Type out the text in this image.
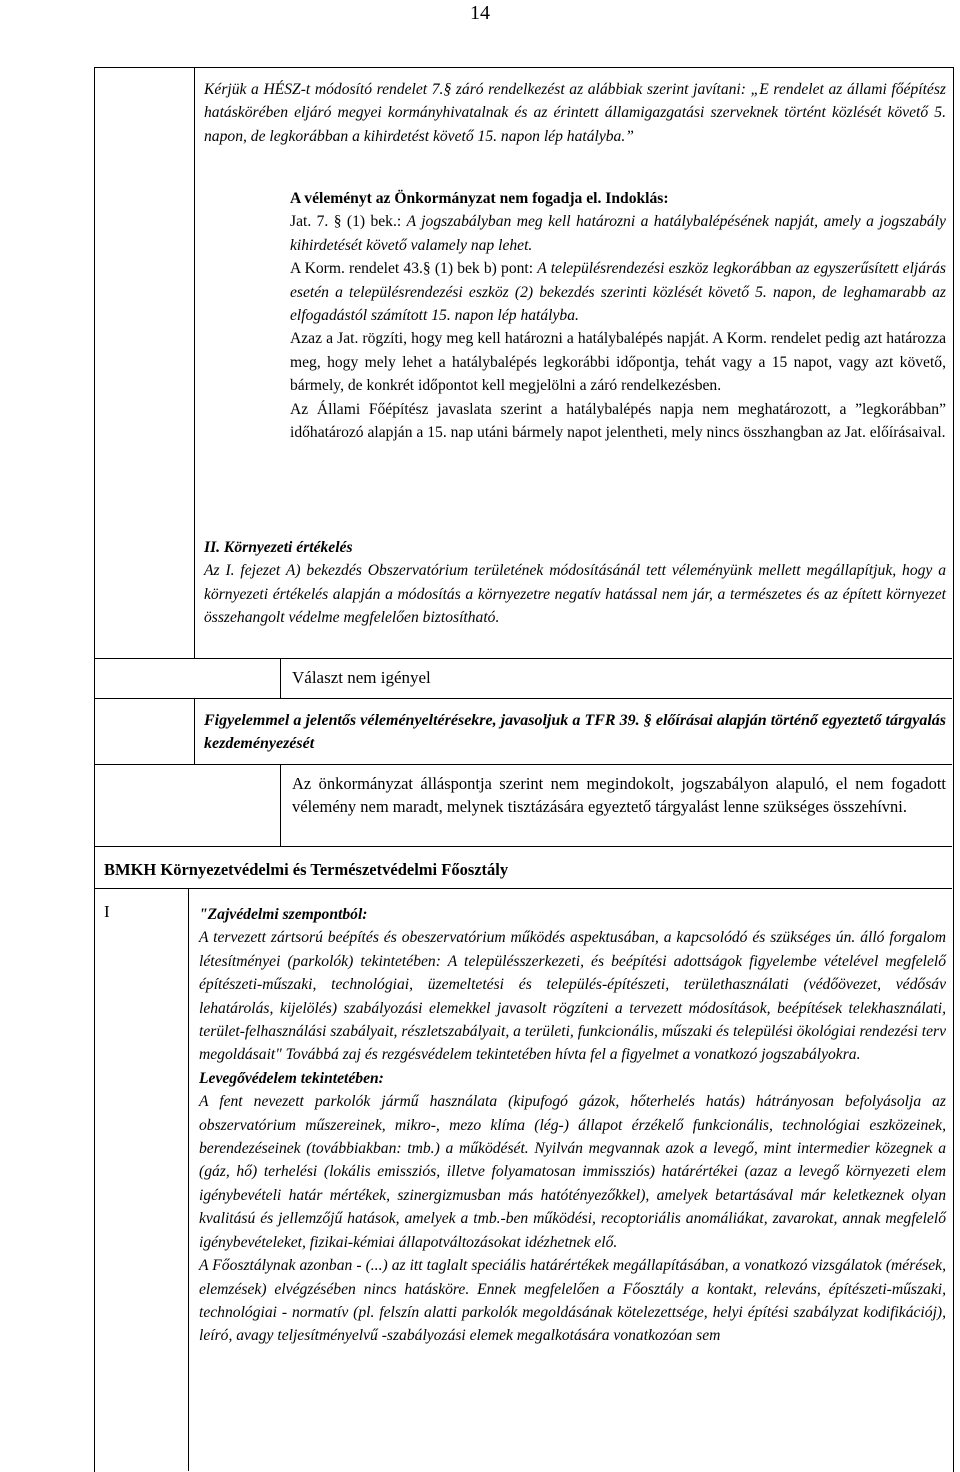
14

Kérjük a HÉSZ-t módosító rendelet 7.§ záró rendelkezést az alábbiak szerint javítani: „E rendelet az állami főépítész hatáskörében eljáró megyei kormányhivatalnak és az érintett államigazgatási szerveknek történt közlését követő 5. napon, de legkorábban a kihirdetést követő 15. napon lép hatályba.”

A véleményt az Önkormányzat nem fogadja el. Indoklás:

Jat. 7. § (1) bek.: A jogszabályban meg kell határozni a hatálybalépésének napját, amely a jogszabály kihirdetését követő valamely nap lehet.

A Korm. rendelet 43.§ (1) bek b) pont: A településrendezési eszköz legkorábban az egyszerűsített eljárás esetén a településrendezési eszköz (2) bekezdés szerinti közlését követő 5. napon, de leghamarabb az elfogadástól számított 15. napon lép hatályba.

Azaz a Jat. rögzíti, hogy meg kell határozni a hatálybalépés napját. A Korm. rendelet pedig azt határozza meg, hogy mely lehet a hatálybalépés legkorábbi időpontja, tehát vagy a 15 napot, vagy azt követő, bármely, de konkrét időpontot kell megjelölni a záró rendelkezésben.

Az Állami Főépítész javaslata szerint a hatálybalépés napja nem meghatározott, a ”legkorábban” időhatározó alapján a 15. nap utáni bármely napot jelentheti, mely nincs összhangban az Jat. előírásaival.

II. Környezeti értékelés

Az I. fejezet A) bekezdés Obszervatórium területének módosításánál tett véleményünk mellett megállapítjuk, hogy a környezeti értékelés alapján a módosítás a környezetre negatív hatással nem jár, a természetes és az épített környezet összehangolt védelme megfelelően biztosítható.

Választ nem igényel
Figyelemmel a jelentős véleményeltérésekre, javasoljuk a TFR 39. § előírásai alapján történő egyeztető tárgyalás kezdeményezését
Az önkormányzat álláspontja szerint nem megindokolt, jogszabályon alapuló, el nem fogadott vélemény nem maradt, melynek tisztázására egyeztető tárgyalást lenne szükséges összehívni.
BMKH Környezetvédelmi és Természetvédelmi Főosztály
I	"Zajvédelmi szempontból:

A tervezett zártsorú beépítés és obeszervatórium működés aspektusában, a kapcsolódó és szükséges ún. álló forgalom létesítményei (parkolók) tekintetében: A településszerkezeti, és beépítési adottságok figyelembe vételével megfelelő építészeti-műszaki, technológiai, üzemeltetési és település-építészeti, területhasználati (védőövezet, védősáv lehatárolás, kijelölés) szabályozási elemekkel javasolt rögzíteni a tervezett módosítások, beépítések telekhasználati, terület-felhasználási szabályait, részletszabályait, a területi, funkcionális, műszaki és települési ökológiai rendezési terv megoldásait" Továbbá zaj és rezgésvédelem tekintetében hívta fel a figyelmet a vonatkozó jogszabályokra.

Levegővédelem tekintetében:

A fent nevezett parkolók jármű használata (kipufogó gázok, hőterhelés hatás) hátrányosan befolyásolja az obszervatórium műszereinek, mikro-, mezo klíma (lég-) állapot érzékelő funkcionális, technológiai eszközeinek, berendezéseinek (továbbiakban: tmb.) a működését. Nyilván megvannak azok a levegő, mint intermedier közegnek a (gáz, hő) terhelési (lokális emissziós, illetve folyamatosan immissziós) határértékei (azaz a levegő környezeti elem igénybevételi határ mértékek, szinergizmusban más hatótényezőkkel), amelyek betartásával már keletkeznek olyan kvalitású és jellemzőjű hatások, amelyek a tmb.-ben működési, recoptoriális anomáliákat, zavarokat, annak megfelelő igénybevételeket, fizikai-kémiai állapotváltozásokat idézhetnek elő.

A Főosztálynak azonban - (...) az itt taglalt speciális határértékek megállapításában, a vonatkozó vizsgálatok (mérések, elemzések) elvégzésében nincs hatásköre. Ennek megfelelően a Főosztály a kontakt, releváns, építészeti-műszaki, technológiai - normatív (pl. felszín alatti parkolók megoldásának kötelezettsége, helyi építési szabályzat kodifikációj), leíró, avagy teljesítményelvű -szabályozási elemek megalkotására vonatkozóan sem
